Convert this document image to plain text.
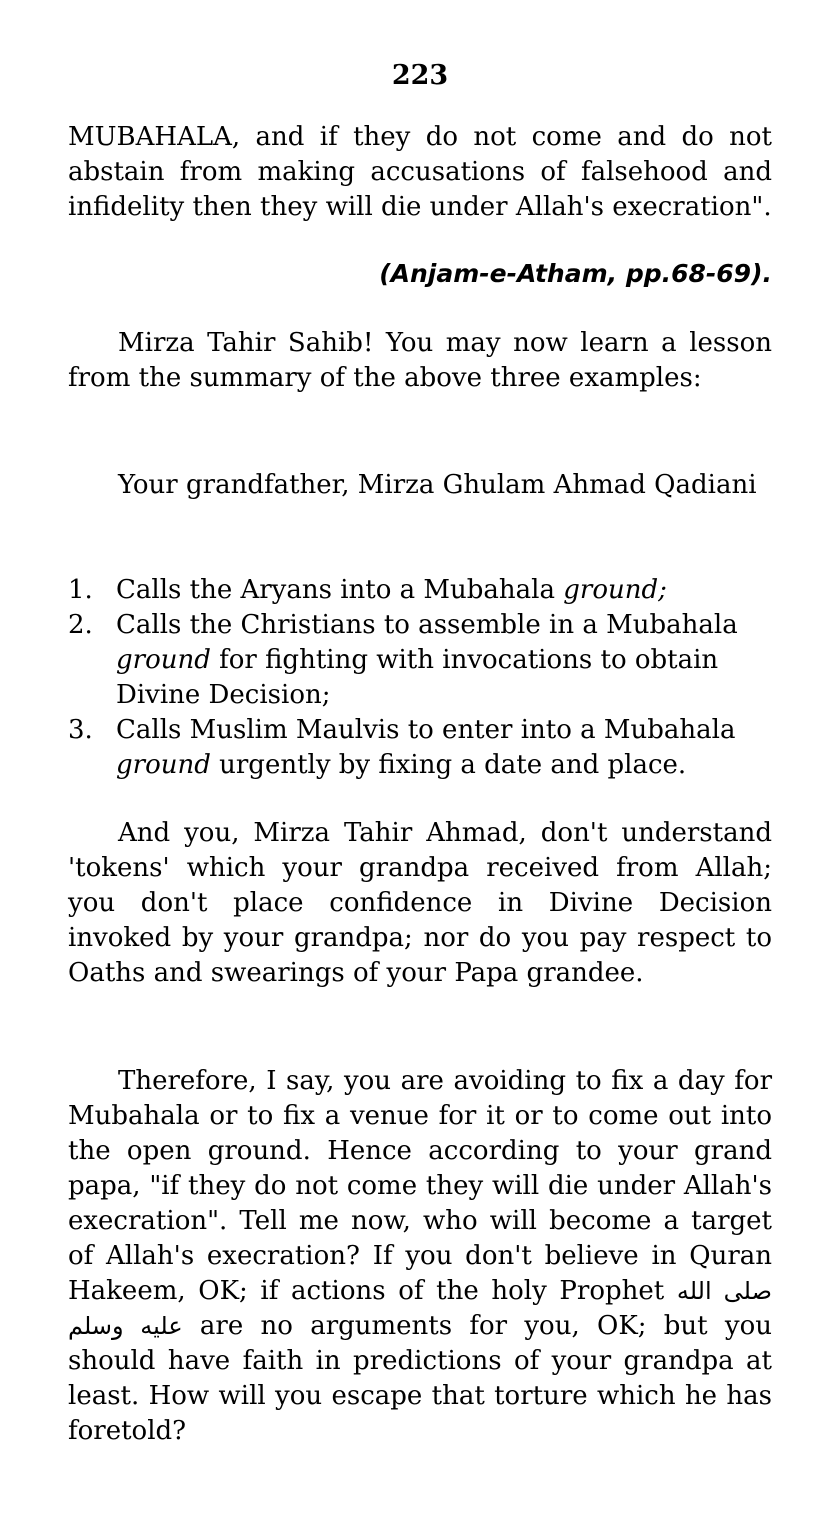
223
MUBAHALA, and if they do not come and do not abstain from making accusations of falsehood and infidelity then they will die under Allah's execration".
(Anjam-e-Atham, pp.68-69).
Mirza Tahir Sahib! You may now learn a lesson from the summary of the above three examples:
Your grandfather, Mirza Ghulam Ahmad Qadiani
1. Calls the Aryans into a Mubahala ground;
2. Calls the Christians to assemble in a Mubahala ground for fighting with invocations to obtain Divine Decision;
3. Calls Muslim Maulvis to enter into a Mubahala ground urgently by fixing a date and place.
And you, Mirza Tahir Ahmad, don't understand 'tokens' which your grandpa received from Allah; you don't place confidence in Divine Decision invoked by your grandpa; nor do you pay respect to Oaths and swearings of your Papa grandee.
Therefore, I say, you are avoiding to fix a day for Mubahala or to fix a venue for it or to come out into the open ground. Hence according to your grand papa, "if they do not come they will die under Allah's execration". Tell me now, who will become a target of Allah's execration? If you don't believe in Quran Hakeem, OK; if actions of the holy Prophet صلى الله عليه وسلم are no arguments for you, OK; but you should have faith in predictions of your grandpa at least. How will you escape that torture which he has foretold?
